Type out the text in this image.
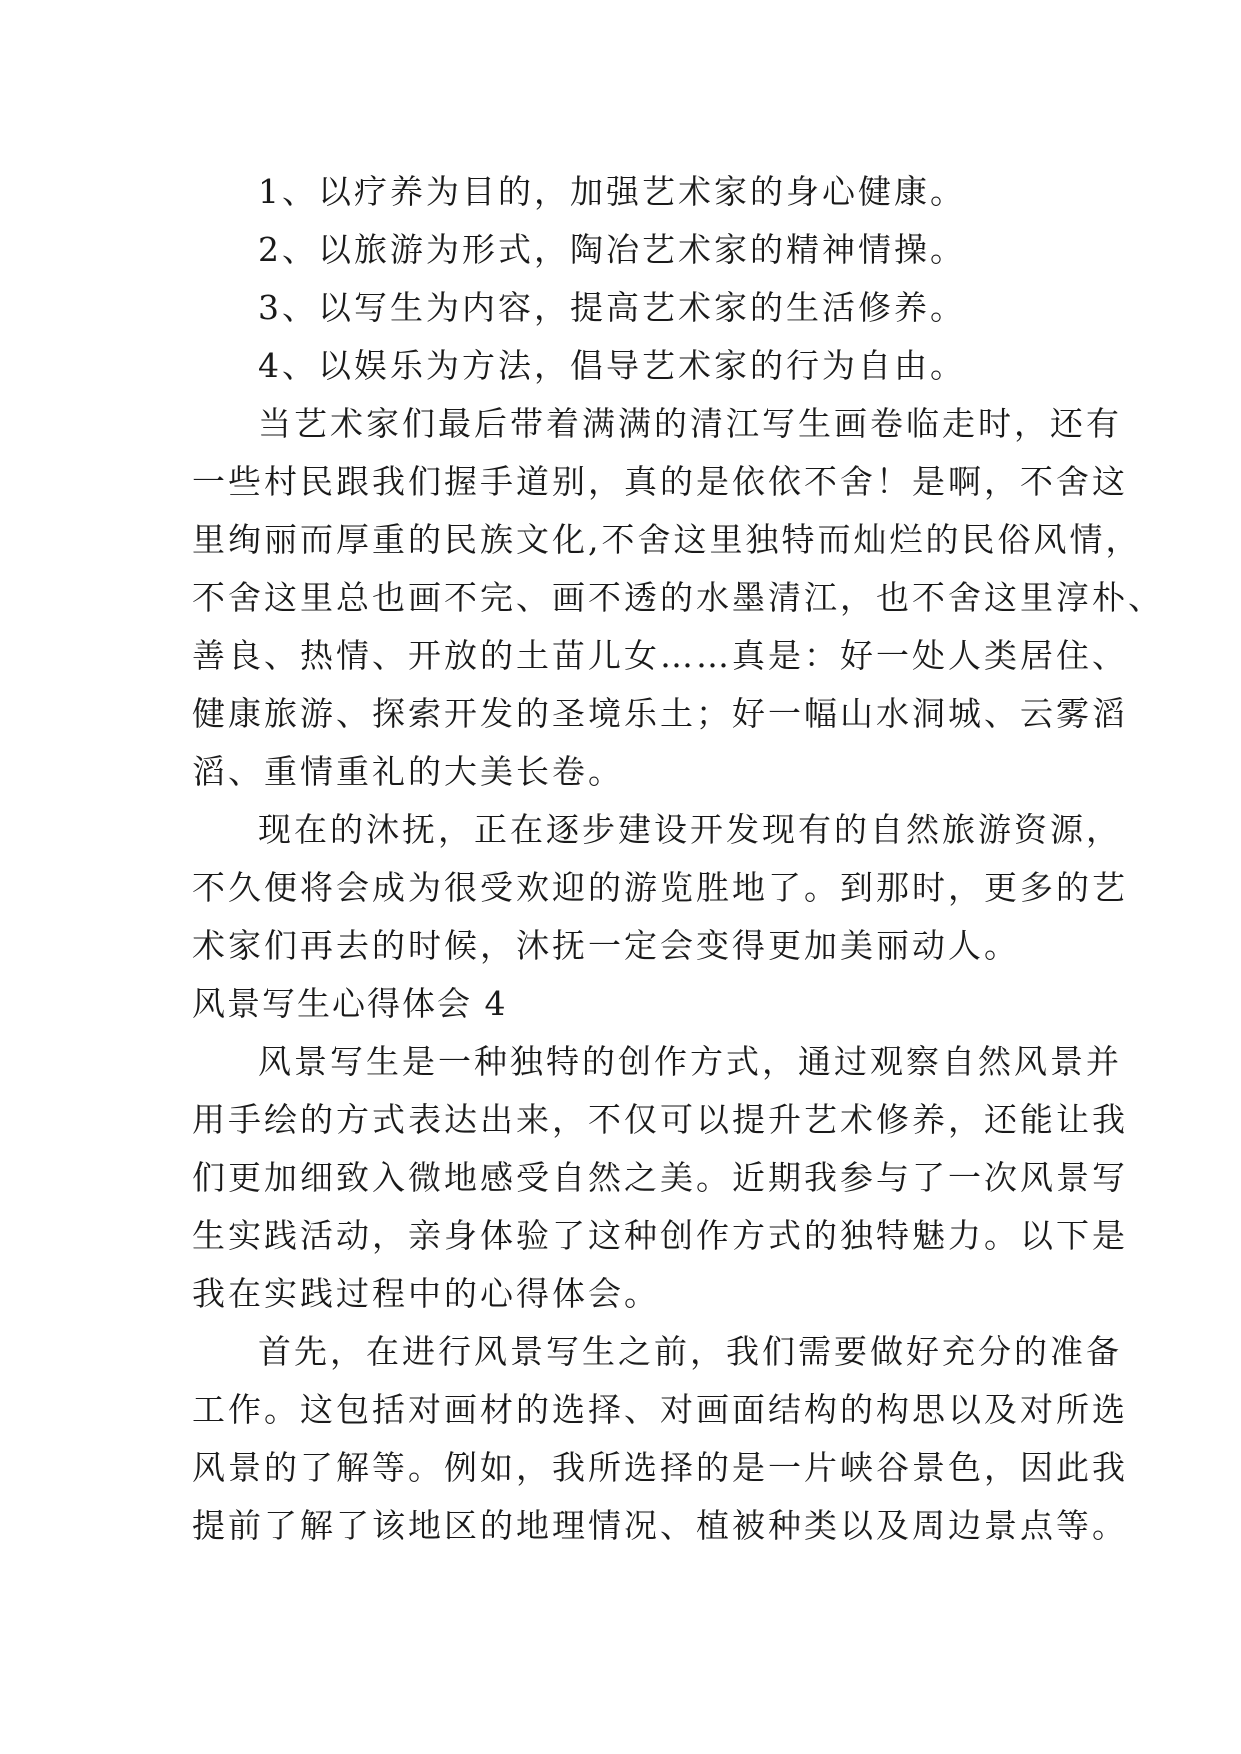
1、以疗养为目的，加强艺术家的身心健康。
2、以旅游为形式，陶冶艺术家的精神情操。
3、以写生为内容，提高艺术家的生活修养。
4、以娱乐为方法，倡导艺术家的行为自由。
当艺术家们最后带着满满的清江写生画卷临走时，还有
一些村民跟我们握手道别，真的是依依不舍！是啊，不舍这
里绚丽而厚重的民族文化,不舍这里独特而灿烂的民俗风情，
不舍这里总也画不完、画不透的水墨清江，也不舍这里淳朴、
善良、热情、开放的土苗儿女……真是：好一处人类居住、
健康旅游、探索开发的圣境乐土；好一幅山水洞城、云雾滔
滔、重情重礼的大美长卷。
现在的沐抚，正在逐步建设开发现有的自然旅游资源，
不久便将会成为很受欢迎的游览胜地了。到那时，更多的艺
术家们再去的时候，沐抚一定会变得更加美丽动人。
风景写生心得体会 4
风景写生是一种独特的创作方式，通过观察自然风景并
用手绘的方式表达出来，不仅可以提升艺术修养，还能让我
们更加细致入微地感受自然之美。近期我参与了一次风景写
生实践活动，亲身体验了这种创作方式的独特魅力。以下是
我在实践过程中的心得体会。
首先，在进行风景写生之前，我们需要做好充分的准备
工作。这包括对画材的选择、对画面结构的构思以及对所选
风景的了解等。例如，我所选择的是一片峡谷景色，因此我
提前了解了该地区的地理情况、植被种类以及周边景点等。
